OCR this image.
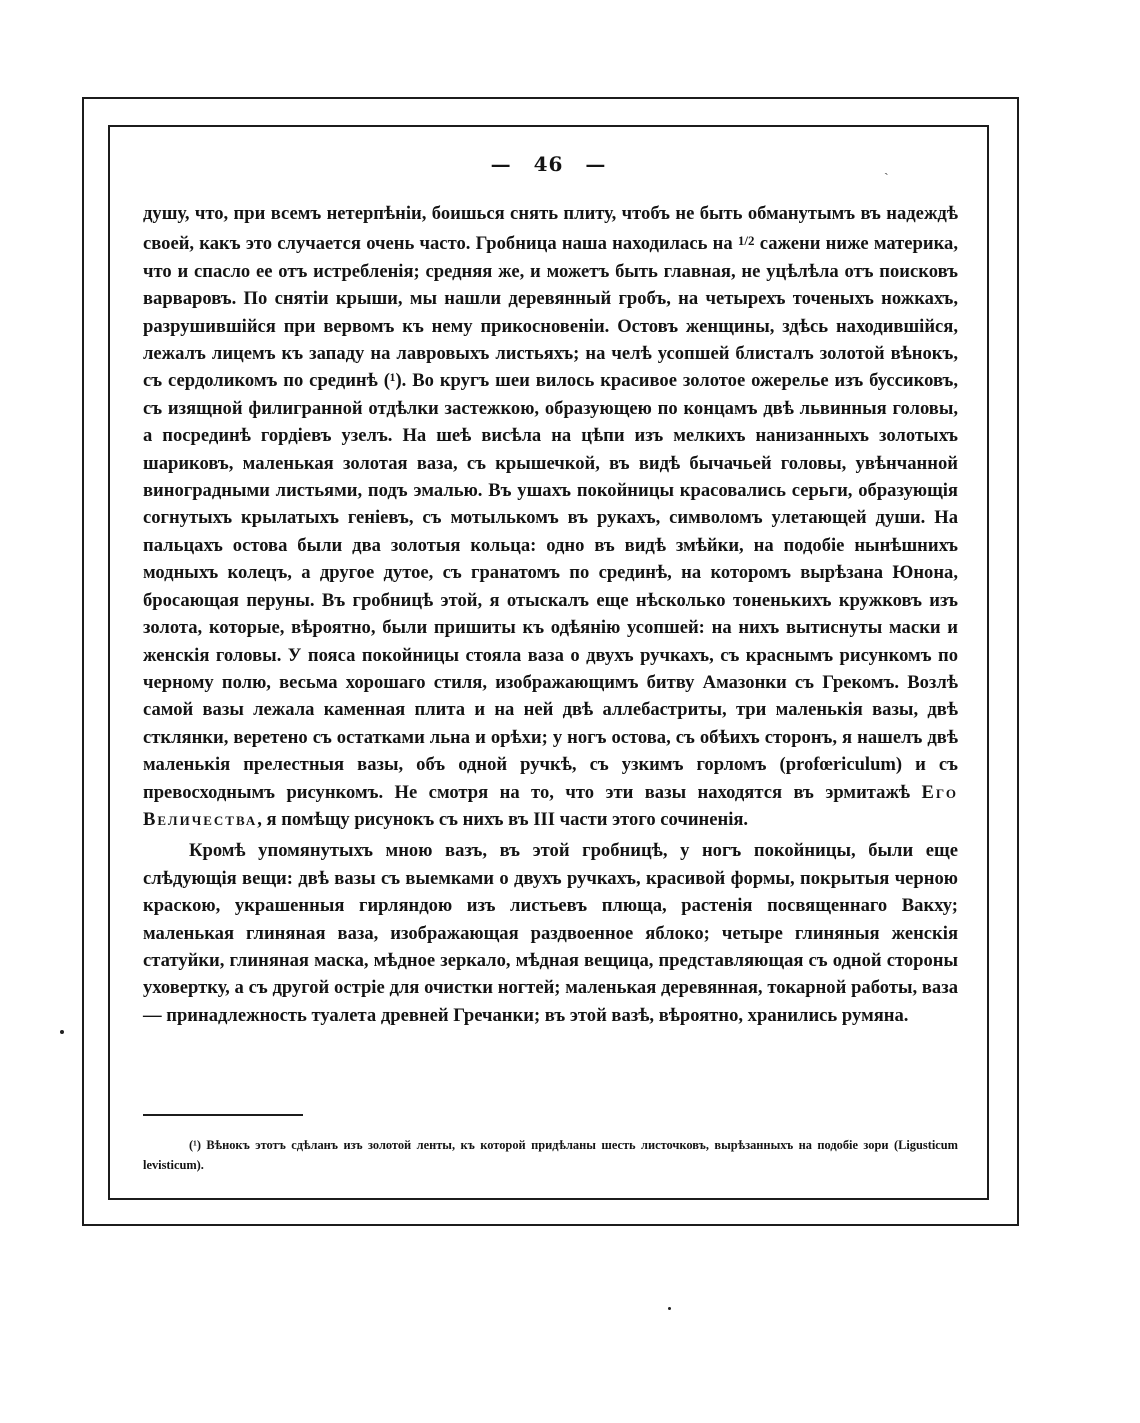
— 46 —	ˏ

душу, что, при всемъ нетерпѣніи, боишься снять плиту, чтобъ не быть обманутымъ въ надеждѣ своей, какъ это случается очень часто. Гробница наша находилась на $^{1/2}$ сажени ниже материка, что и спасло ее отъ истребленія; средняя же, и можетъ быть главная, не уцѣлѣла отъ поисковъ варваровъ. По снятіи крыши, мы нашли деревянный гробъ, на четырехъ точеныхъ ножкахъ, разрушившійся при вервомъ къ нему прикосновеніи. Остовъ женщины, здѣсь находившійся, лежалъ лицемъ къ западу на лавровыхъ листьяхъ; на челѣ усопшей блисталъ золотой вѣнокъ, съ сердоликомъ по срединѣ (¹). Во кругъ шеи вилось красивое золотое ожерелье изъ буссиковъ, съ изящной филигранной отдѣлки застежкою, образующею по концамъ двѣ львинныя головы, а посрединѣ гордіевъ узелъ. На шеѣ висѣла на цѣпи изъ мелкихъ нанизанныхъ золотыхъ шариковъ, маленькая золотая ваза, съ крышечкой, въ видѣ бычачьей головы, увѣнчанной виноградными листьями, подъ эмалью. Въ ушахъ покойницы красовались серьги, образующія согнутыхъ крылатыхъ геніевъ, съ мотылькомъ въ рукахъ, символомъ улетающей души. На пальцахъ остова были два золотыя кольца: одно въ видѣ змѣйки, на подобіе нынѣшнихъ модныхъ колецъ, а другое дутое, съ гранатомъ по срединѣ, на которомъ вырѣзана Юнона, бросающая перуны. Въ гробницѣ этой, я отыскалъ еще нѣсколько тоненькихъ кружковъ изъ золота, которые, вѣроятно, были пришиты къ одѣянію усопшей: на нихъ вытиснуты маски и женскія головы. У пояса покойницы стояла ваза о двухъ ручкахъ, съ краснымъ рисункомъ по черному полю, весьма хорошаго стиля, изображающимъ битву Амазонки съ Грекомъ. Возлѣ самой вазы лежала каменная плита и на ней двѣ аллебастриты, три маленькія вазы, двѣ стклянки, веретено съ остатками льна и орѣхи; у ногъ остова, съ обѣихъ сторонъ, я нашелъ двѣ маленькія прелестныя вазы, объ одной ручкѣ, съ узкимъ горломъ (profœriculum) и съ превосходнымъ рисункомъ. Не смотря на то, что эти вазы находятся въ эрмитажѣ Его Величества, я помѣщу рисунокъ съ нихъ въ III части этого сочиненія.

Кромѣ упомянутыхъ мною вазъ, въ этой гробницѣ, у ногъ покойницы, были еще слѣдующія вещи: двѣ вазы съ выемками о двухъ ручкахъ, красивой формы, покрытыя черною краскою, украшенныя гирляндою изъ листьевъ плюща, растенія посвященнаго Вакху; маленькая глиняная ваза, изображающая раздвоенное яблоко; четыре глиняныя женскія статуйки, глиняная маска, мѣдное зеркало, мѣдная вещица, представляющая съ одной стороны уховертку, а съ другой остріе для очистки ногтей; маленькая деревянная, токарной работы, ваза — принадлежность туалета древней Гречанки; въ этой вазѣ, вѣроятно, хранились румяна.

(¹) Вѣнокъ этотъ сдѣланъ изъ золотой ленты, къ которой придѣланы шесть листочковъ, вырѣзанныхъ на подобіе зори (Ligusticum levisticum).
